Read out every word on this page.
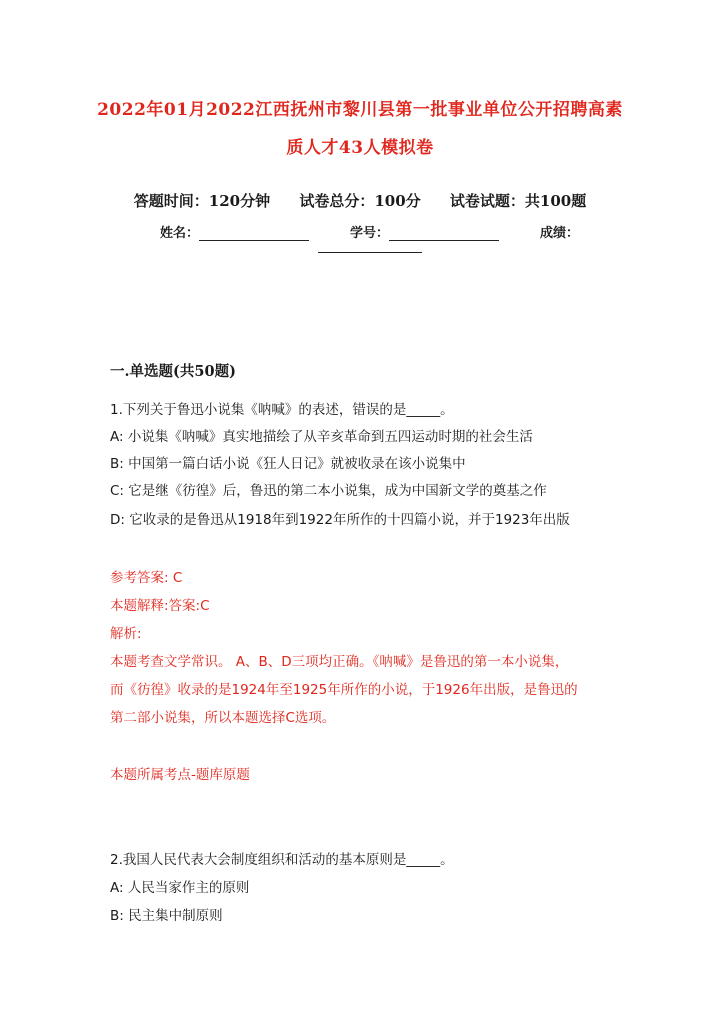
2022年01月2022江西抚州市黎川县第一批事业单位公开招聘高素
质人才43人模拟卷
答题时间：120分钟 试卷总分：100分 试卷试题：共100题
姓名：	学号：	成绩：
一.单选题(共50题)
1.下列关于鲁迅小说集《呐喊》的表述，错误的是_____。
A: 小说集《呐喊》真实地描绘了从辛亥革命到五四运动时期的社会生活
B: 中国第一篇白话小说《狂人日记》就被收录在该小说集中
C: 它是继《彷徨》后，鲁迅的第二本小说集，成为中国新文学的奠基之作
D: 它收录的是鲁迅从1918年到1922年所作的十四篇小说，并于1923年出版
参考答案: C
本题解释:答案:C
解析:
本题考查文学常识。 A、B、D三项均正确。《呐喊》是鲁迅的第一本小说集，
而《彷徨》收录的是1924年至1925年所作的小说，于1926年出版，是鲁迅的
第二部小说集，所以本题选择C选项。
本题所属考点-题库原题
2.我国人民代表大会制度组织和活动的基本原则是_____。
A: 人民当家作主的原则
B: 民主集中制原则
